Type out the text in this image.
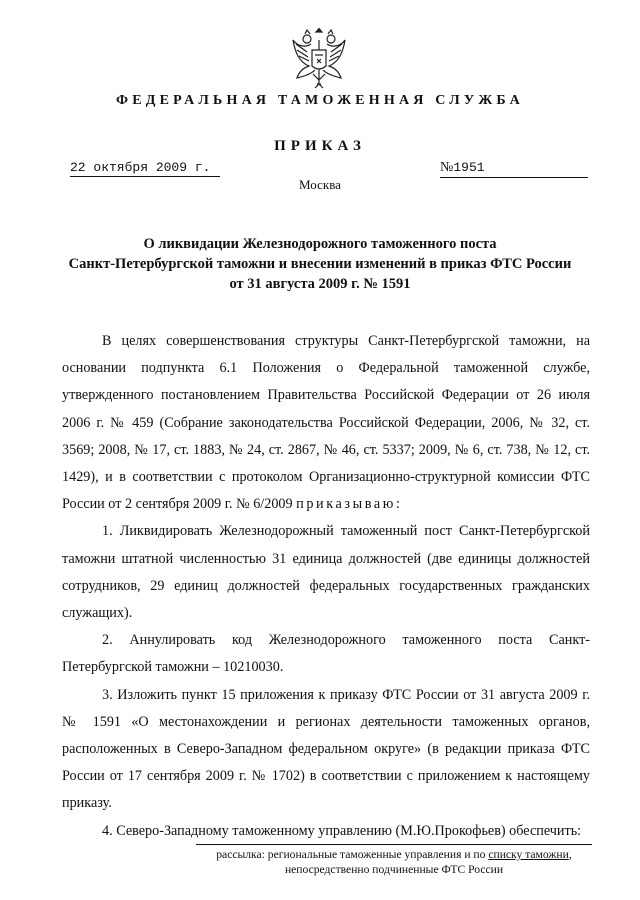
ФЕДЕРАЛЬНАЯ ТАМОЖЕННАЯ СЛУЖБА
ПРИКАЗ
22 октября 2009 г.	№1951
Москва
О ликвидации Железнодорожного таможенного поста
Санкт-Петербургской таможни и внесении изменений в приказ ФТС России
от 31 августа 2009 г. № 1591

В целях совершенствования структуры Санкт-Петербургской таможни, на основании подпункта 6.1 Положения о Федеральной таможенной службе, утвержденного постановлением Правительства Российской Федерации от 26 июля 2006 г. № 459 (Собрание законодательства Российской Федерации, 2006, № 32, ст. 3569; 2008, № 17, ст. 1883, № 24, ст. 2867, № 46, ст. 5337; 2009, № 6, ст. 738, № 12, ст. 1429), и в соответствии с протоколом Организационно-структурной комиссии ФТС России от 2 сентября 2009 г. № 6/2009 приказываю:

1. Ликвидировать Железнодорожный таможенный пост Санкт-Петербургской таможни штатной численностью 31 единица должностей (две единицы должностей сотрудников, 29 единиц должностей федеральных государственных гражданских служащих).

2. Аннулировать код Железнодорожного таможенного поста Санкт-Петербургской таможни – 10210030.

3. Изложить пункт 15 приложения к приказу ФТС России от 31 августа 2009 г. № 1591 «О местонахождении и регионах деятельности таможенных органов, расположенных в Северо-Западном федеральном округе» (в редакции приказа ФТС России от 17 сентября 2009 г. № 1702) в соответствии с приложением к настоящему приказу.

4. Северо-Западному таможенному управлению (М.Ю.Прокофьев) обеспечить:

рассылка: региональные таможенные управления и по списку таможни,
непосредственно подчиненные ФТС России
